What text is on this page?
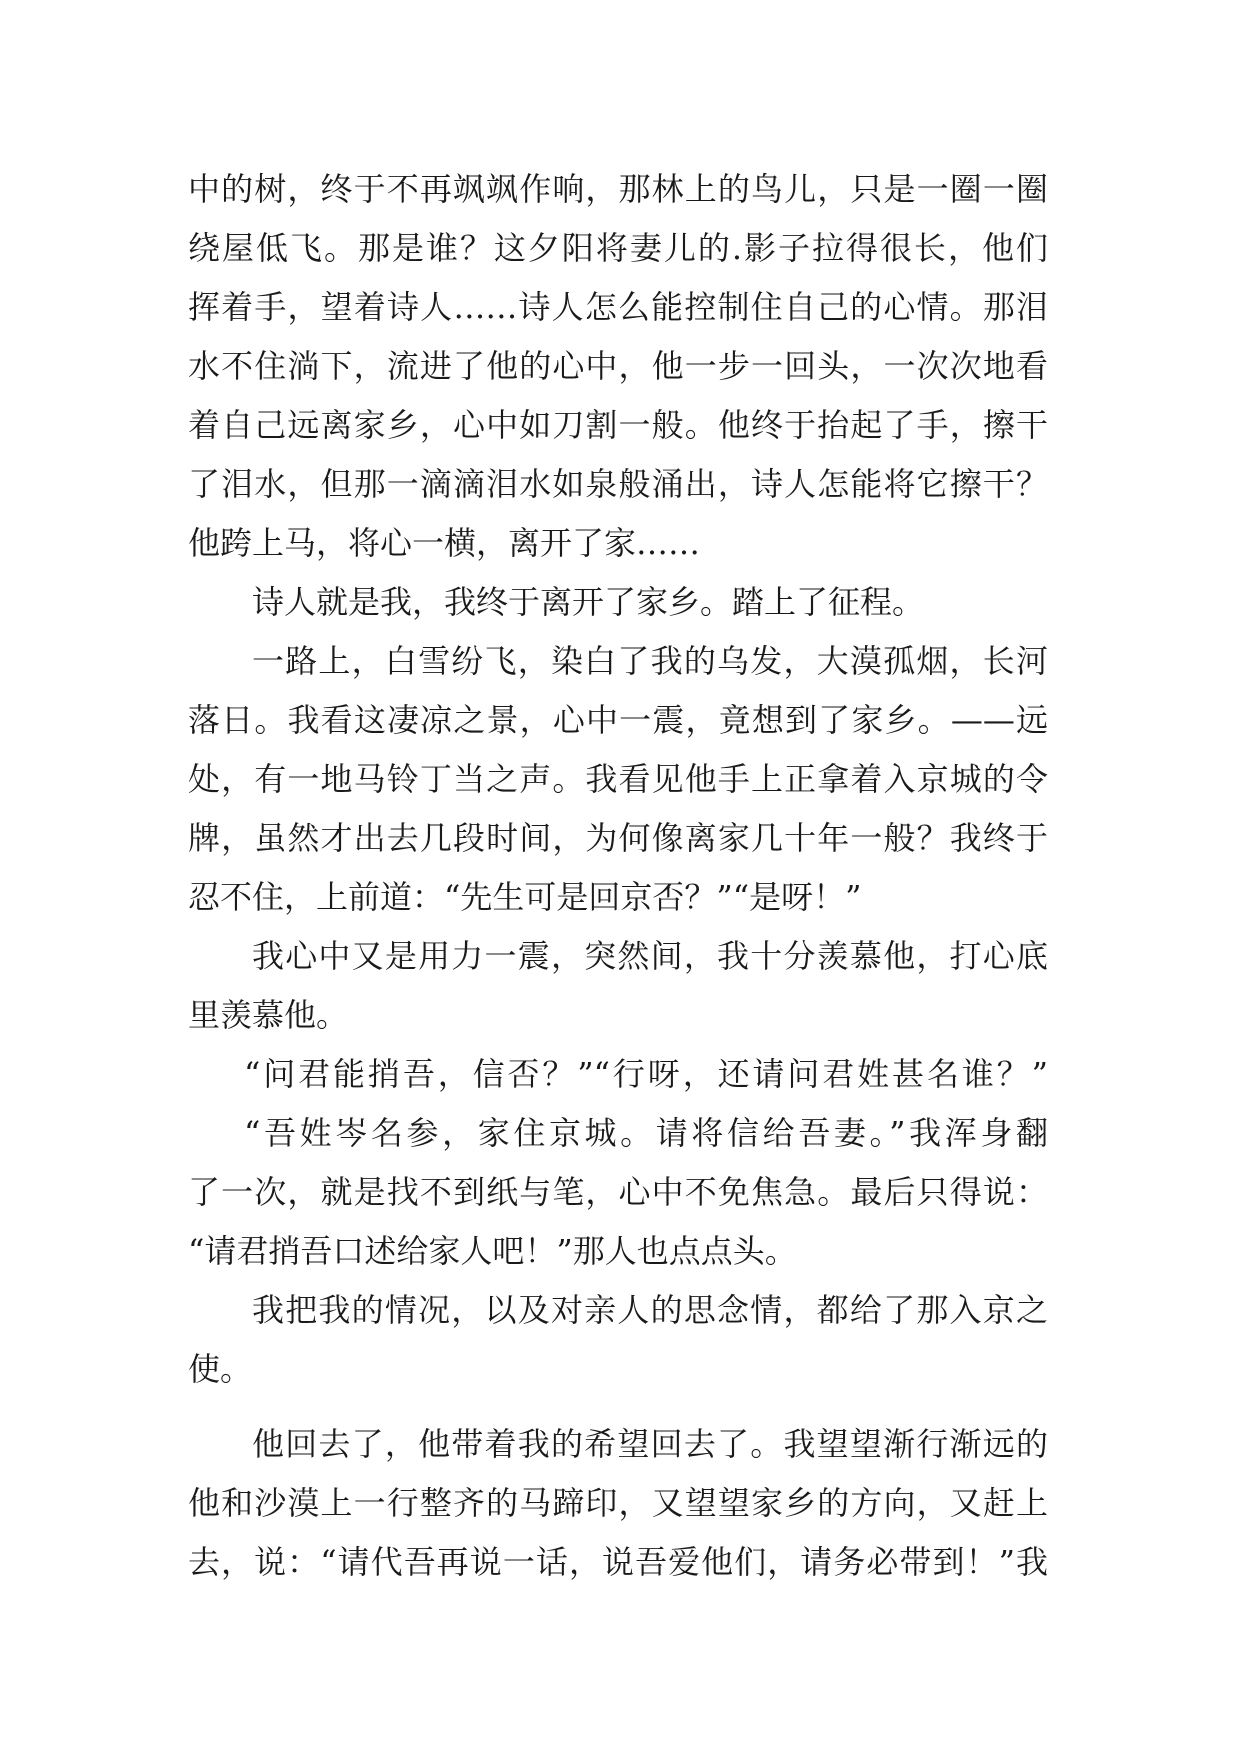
中的树，终于不再飒飒作响，那林上的鸟儿，只是一圈一圈
绕屋低飞。那是谁？这夕阳将妻儿的.影子拉得很长，他们
挥着手，望着诗人……诗人怎么能控制住自己的心情。那泪
水不住淌下，流进了他的心中，他一步一回头，一次次地看
着自己远离家乡，心中如刀割一般。他终于抬起了手，擦干
了泪水，但那一滴滴泪水如泉般涌出，诗人怎能将它擦干？
他跨上马，将心一横，离开了家……
诗人就是我，我终于离开了家乡。踏上了征程。
一路上，白雪纷飞，染白了我的乌发，大漠孤烟，长河
落日。我看这凄凉之景，心中一震，竟想到了家乡。——远
处，有一地马铃丁当之声。我看见他手上正拿着入京城的令
牌，虽然才出去几段时间，为何像离家几十年一般？我终于
忍不住，上前道：“先生可是回京否？”“是呀！”
我心中又是用力一震，突然间，我十分羡慕他，打心底
里羡慕他。
“问君能捎吾，信否？”“行呀，还请问君姓甚名谁？”
“吾姓岑名参，家住京城。请将信给吾妻。”我浑身翻
了一次，就是找不到纸与笔，心中不免焦急。最后只得说：
“请君捎吾口述给家人吧！”那人也点点头。
我把我的情况，以及对亲人的思念情，都给了那入京之
使。
他回去了，他带着我的希望回去了。我望望渐行渐远的
他和沙漠上一行整齐的马蹄印，又望望家乡的方向，又赶上
去，说：“请代吾再说一话，说吾爱他们，请务必带到！”我
